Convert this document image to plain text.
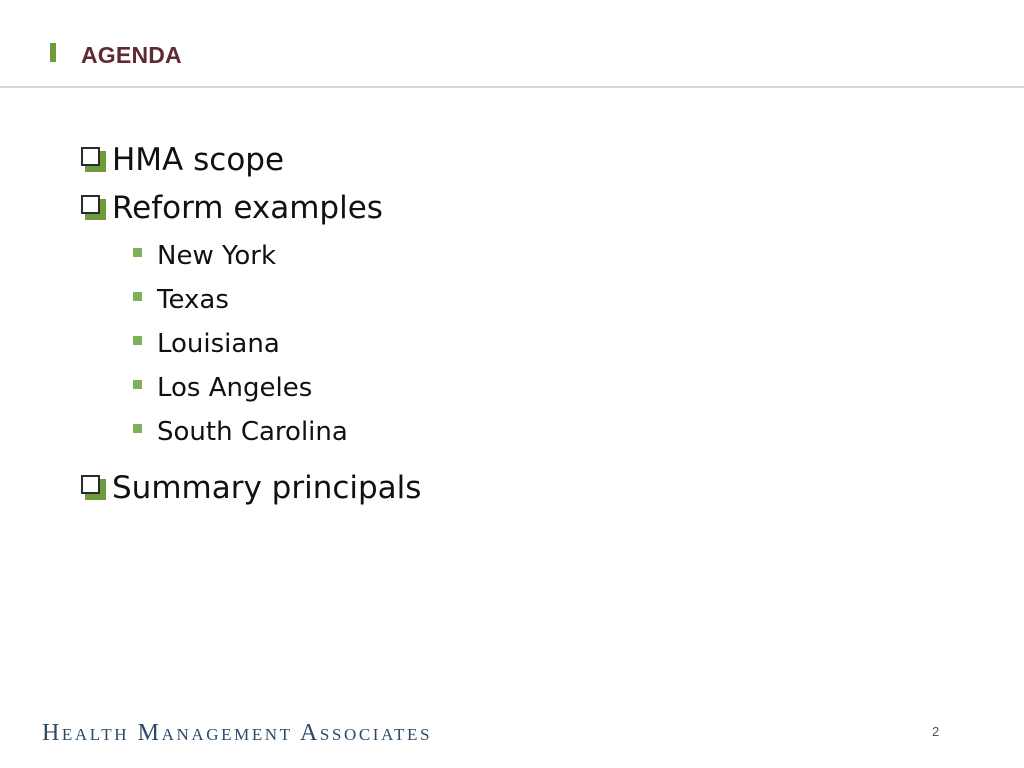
AGENDA
HMA scope
Reform examples
New York
Texas
Louisiana
Los Angeles
South Carolina
Summary principals
Health Management Associates	2
